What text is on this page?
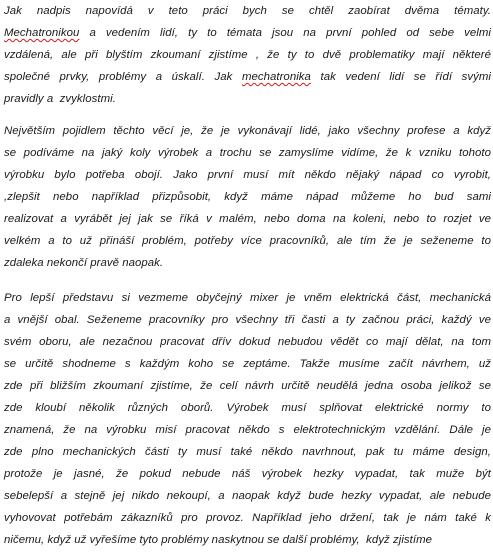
Jak nadpis napovídá v teto práci bych se chtěl zaobírat dvěma tématy.
Mechatronikou a vedením lidí, ty to témata jsou na první pohled od sebe velmi
vzdálená, ale při blyštím zkoumaní zjistíme , že ty to dvě problematiky mají některé
společné prvky, problémy a úskalí. Jak mechatronika tak vedení lidí se řídí svými
pravidly a  zvyklostmi.
Největším pojidlem těchto věcí je, že je vykonávají lidé, jako všechny profese a když
se podíváme na jaký koly výrobek a trochu se zamyslíme vidíme, že k vzniku tohoto
výrobku bylo potřeba obojí. Jako první musí mít někdo nějaký nápad co vyrobit,
,zlepšit nebo například přizpůsobit, když máme nápad můžeme ho bud sami
realizovat a vyrábět jej jak se říká v malém, nebo doma na koleni, nebo to rozjet ve
velkém a to už přináší problém, potřeby více pracovníků, ale tím že je seženeme to
zdaleka nekončí pravě naopak.
Pro lepší představu si vezmeme obyčejný mixer je vněm elektrická část, mechanická
a vnější obal. Seženeme pracovníky pro všechny tři časti a ty začnou práci, každý ve
svém oboru, ale nezačnou pracovat dřív dokud nebudou vědět co mají dělat, na tom
se určitě shodneme s každým koho se zeptáme. Takže musíme začít návrhem, už
zde při bližším zkoumaní zjistíme, že celí návrh určitě neudělá jedna osoba jelikož se
zde kloubí několik různých oborů. Výrobek musí splňovat elektrické normy to
znamená, že na výrobku misí pracovat někdo s elektrotechnickým vzdělání. Dále je
zde plno mechanických části ty musí také někdo navrhnout, pak tu máme design,
protože je jasné, že pokud nebude náš výrobek hezky vypadat, tak muže být
sebelepší a stejně jej nikdo nekoupí, a naopak když bude hezky vypadat, ale nebude
vyhovovat potřebám zákazníků pro provoz. Například jeho držení, tak je nám také k
ničemu, když už vyřešíme tyto problémy naskytnou se další problémy,  když zjistíme
